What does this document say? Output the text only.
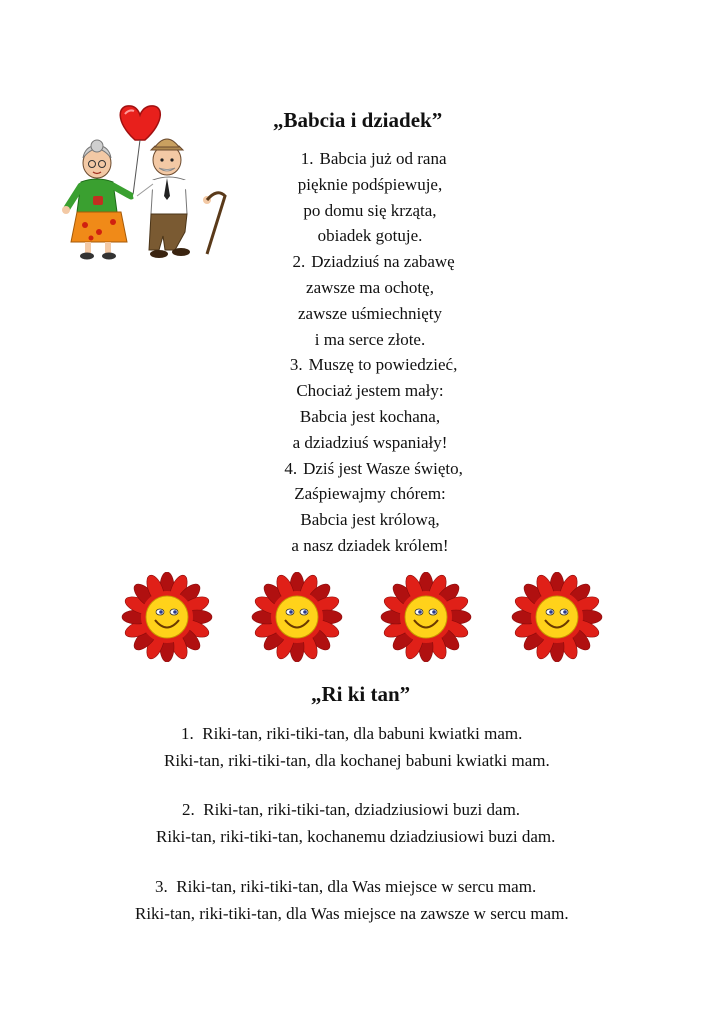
„Babcia i dziadek”
1. Babcia już od rana
pięknie podśpiewuje,
po domu się krząta,
obiadek gotuje.
2. Dziadziuś na zabawę
zawsze ma ochotę,
zawsze uśmiechnięty
i ma serce złote.
3. Muszę to powiedzieć,
Chociaż jestem mały:
Babcia jest kochana,
a dziadziuś wspaniały!
4. Dziś jest Wasze święto,
Zaśpiewajmy chórem:
Babcia jest królową,
a nasz dziadek królem!
„Ri ki tan”
1. Riki-tan, riki-tiki-tan, dla babuni kwiatki mam.
Riki-tan, riki-tiki-tan, dla kochanej babuni kwiatki mam.
2. Riki-tan, riki-tiki-tan, dziadziusiowi buzi dam.
Riki-tan, riki-tiki-tan, kochanemu dziadziusiowi buzi dam.
3. Riki-tan, riki-tiki-tan, dla Was miejsce w sercu mam.
Riki-tan, riki-tiki-tan, dla Was miejsce na zawsze w sercu mam.
